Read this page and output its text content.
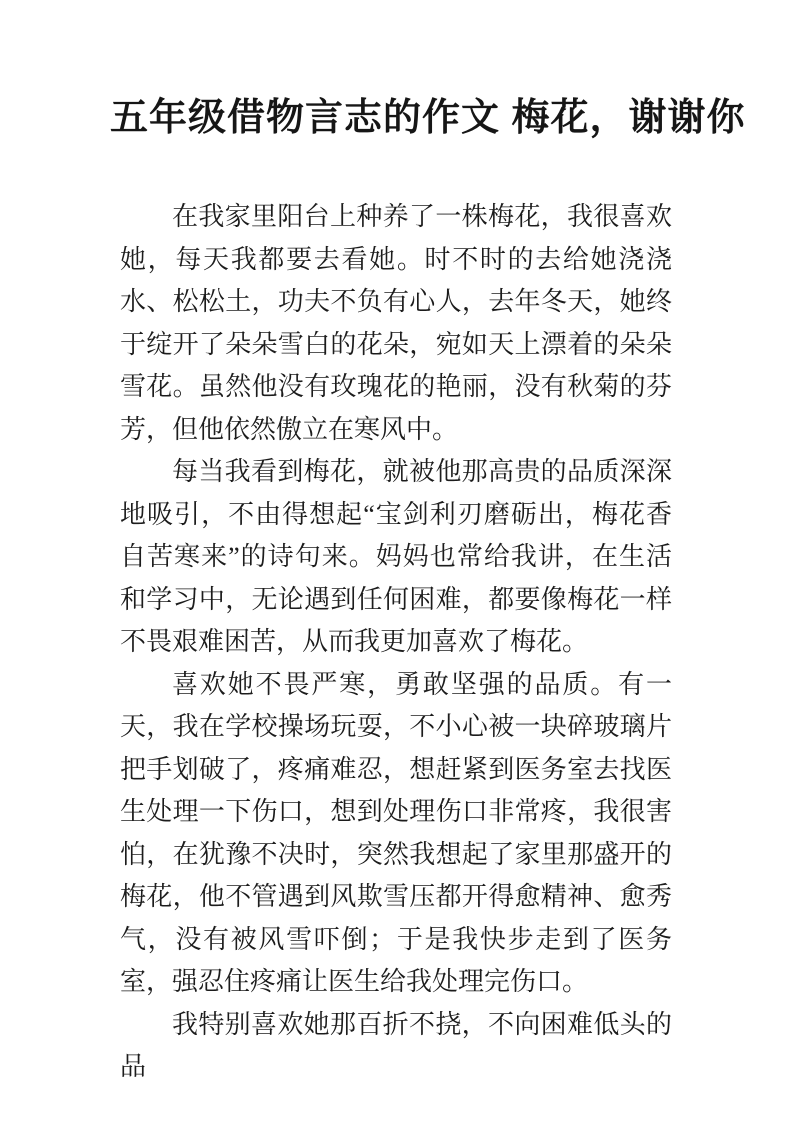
五年级借物言志的作文 梅花，谢谢你

在我家里阳台上种养了一株梅花，我很喜欢她，每天我都要去看她。时不时的去给她浇浇水、松松土，功夫不负有心人，去年冬天，她终于绽开了朵朵雪白的花朵，宛如天上漂着的朵朵雪花。虽然他没有玫瑰花的艳丽，没有秋菊的芬芳，但他依然傲立在寒风中。

每当我看到梅花，就被他那高贵的品质深深地吸引，不由得想起“宝剑利刃磨砺出，梅花香自苦寒来”的诗句来。妈妈也常给我讲，在生活和学习中，无论遇到任何困难，都要像梅花一样不畏艰难困苦，从而我更加喜欢了梅花。

喜欢她不畏严寒，勇敢坚强的品质。有一天，我在学校操场玩耍，不小心被一块碎玻璃片把手划破了，疼痛难忍，想赶紧到医务室去找医生处理一下伤口，想到处理伤口非常疼，我很害怕，在犹豫不决时，突然我想起了家里那盛开的梅花，他不管遇到风欺雪压都开得愈精神、愈秀气，没有被风雪吓倒；于是我快步走到了医务室，强忍住疼痛让医生给我处理完伤口。

我特别喜欢她那百折不挠，不向困难低头的品
